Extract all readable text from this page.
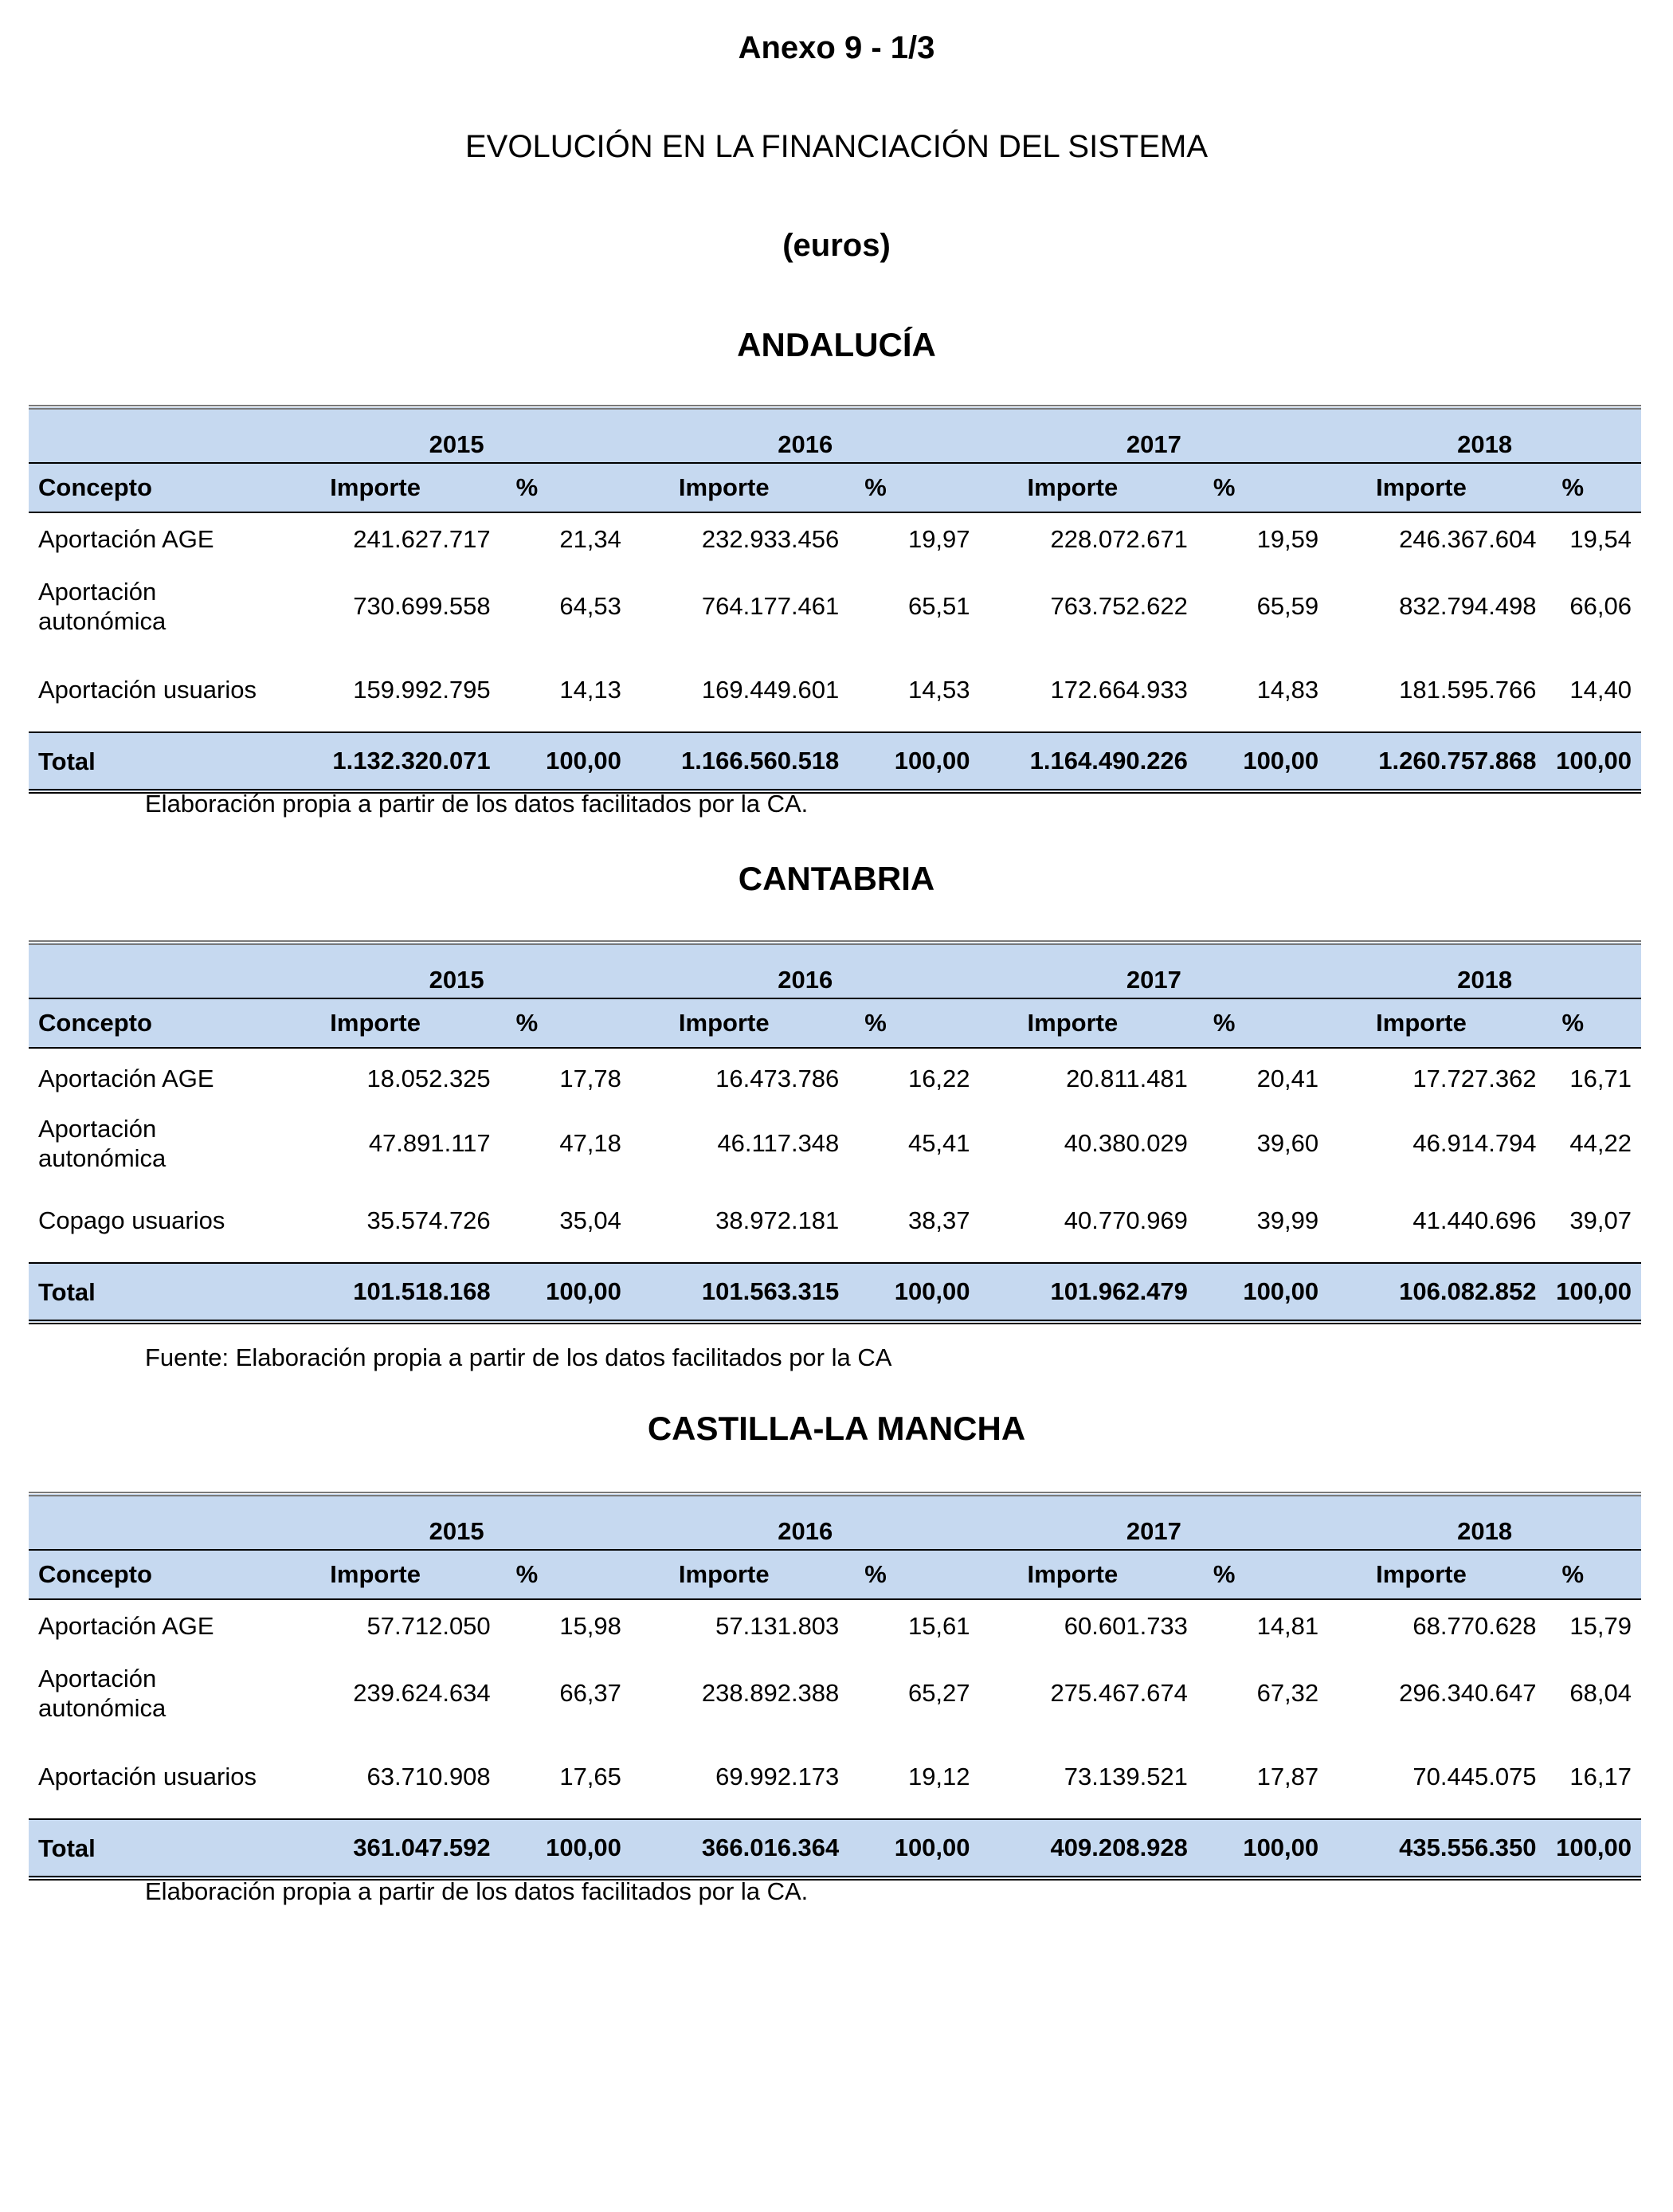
Anexo 9 - 1/3
EVOLUCIÓN EN LA FINANCIACIÓN DEL SISTEMA
(euros)
ANDALUCÍA
	2015		2016		2017		2018	
Concepto	Importe	%	Importe	%	Importe	%	Importe	%
Aportación AGE	241.627.717	21,34	232.933.456	19,97	228.072.671	19,59	246.367.604	19,54
Aportación autonómica	730.699.558	64,53	764.177.461	65,51	763.752.622	65,59	832.794.498	66,06
Aportación usuarios	159.992.795	14,13	169.449.601	14,53	172.664.933	14,83	181.595.766	14,40
Total	1.132.320.071	100,00	1.166.560.518	100,00	1.164.490.226	100,00	1.260.757.868	100,00
Elaboración propia a partir de los datos facilitados por la CA.
CANTABRIA
	2015		2016		2017		2018	
Concepto	Importe	%	Importe	%	Importe	%	Importe	%
Aportación AGE	18.052.325	17,78	16.473.786	16,22	20.811.481	20,41	17.727.362	16,71
Aportación autonómica	47.891.117	47,18	46.117.348	45,41	40.380.029	39,60	46.914.794	44,22
Copago usuarios	35.574.726	35,04	38.972.181	38,37	40.770.969	39,99	41.440.696	39,07
Total	101.518.168	100,00	101.563.315	100,00	101.962.479	100,00	106.082.852	100,00
Fuente: Elaboración propia a partir de los datos facilitados por la CA
CASTILLA-LA MANCHA
	2015		2016		2017		2018	
Concepto	Importe	%	Importe	%	Importe	%	Importe	%
Aportación AGE	57.712.050	15,98	57.131.803	15,61	60.601.733	14,81	68.770.628	15,79
Aportación autonómica	239.624.634	66,37	238.892.388	65,27	275.467.674	67,32	296.340.647	68,04
Aportación usuarios	63.710.908	17,65	69.992.173	19,12	73.139.521	17,87	70.445.075	16,17
Total	361.047.592	100,00	366.016.364	100,00	409.208.928	100,00	435.556.350	100,00
Elaboración propia a partir de los datos facilitados por la CA.
